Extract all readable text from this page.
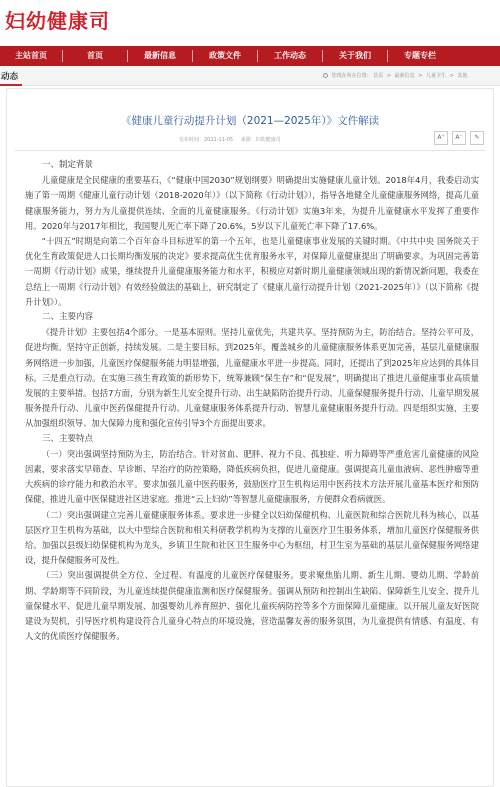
妇幼健康司
主站首页	首页	最新信息	政策文件	工作动态	关于我们	专题专栏
动态	您现在所在位置： 首页 > 最新信息 > 儿童卫生 > 其他
《健康儿童行动提升计划（2021—2025年）》文件解读
发布时间：2021-11-05 来源：妇幼健康司	A⁺	A⁻	✎
一、制定背景

儿童健康是全民健康的重要基石，《“健康中国2030”规划纲要》明确提出实施健康儿童计划。2018年4月，我委启动实施了第一周期《健康儿童行动计划（2018-2020年）》（以下简称《行动计划》），指导各地健全儿童健康服务网络，提高儿童健康服务能力，努力为儿童提供连续、全面的儿童健康服务。《行动计划》实施3年来，为提升儿童健康水平发挥了重要作用。2020年与2017年相比，我国婴儿死亡率下降了20.6%，5岁以下儿童死亡率下降了17.6%。

“十四五”时期是向第二个百年奋斗目标进军的第一个五年，也是儿童健康事业发展的关键时期。《中共中央 国务院关于优化生育政策促进人口长期均衡发展的决定》要求提高优生优育服务水平，对保障儿童健康提出了明确要求。为巩固完善第一周期《行动计划》成果，继续提升儿童健康服务能力和水平，积极应对新时期儿童健康领域出现的新情况新问题，我委在总结上一周期《行动计划》有效经验做法的基础上，研究制定了《健康儿童行动提升计划（2021-2025年）》（以下简称《提升计划》）。

二、主要内容

《提升计划》主要包括4个部分。一是基本原则。坚持儿童优先，共建共享。坚持预防为主，防治结合。坚持公平可及，促进均衡。坚持守正创新，持续发展。二是主要目标。到2025年，覆盖城乡的儿童健康服务体系更加完善，基层儿童健康服务网络进一步加强，儿童医疗保健服务能力明显增强，儿童健康水平进一步提高。同时，还提出了到2025年应达到的具体目标。三是重点行动。在实施三孩生育政策的新形势下，统筹兼顾“保生存”和“促发展”，明确提出了推进儿童健康事业高质量发展的主要举措。包括7方面，分别为新生儿安全提升行动、出生缺陷防治提升行动、儿童保健服务提升行动、儿童早期发展服务提升行动、儿童中医药保健提升行动、儿童健康服务体系提升行动、智慧儿童健康服务提升行动。四是组织实施，主要从加强组织领导、加大保障力度和强化宣传引导3个方面提出要求。

三、主要特点

（一）突出强调坚持预防为主，防治结合。针对贫血、肥胖、视力不良、孤独症、听力障碍等严重危害儿童健康的风险因素，要求落实早筛查、早诊断、早治疗的防控策略，降低疾病负担，促进儿童健康。强调提高儿童血液病、恶性肿瘤等重大疾病的诊疗能力和救治水平。要求加强儿童中医药服务，鼓励医疗卫生机构运用中医药技术方法开展儿童基本医疗和预防保健，推进儿童中医保健进社区进家庭。推进“云上妇幼”等智慧儿童健康服务，方便群众看病就医。

（二）突出强调建立完善儿童健康服务体系。要求进一步健全以妇幼保健机构、儿童医院和综合医院儿科为核心，以基层医疗卫生机构为基础，以大中型综合医院和相关科研教学机构为支撑的儿童医疗卫生服务体系，增加儿童医疗保健服务供给。加强以县级妇幼保健机构为龙头，乡镇卫生院和社区卫生服务中心为枢纽，村卫生室为基础的基层儿童保健服务网络建设，提升保健服务可及性。

（三）突出强调提供全方位、全过程、有温度的儿童医疗保健服务。要求聚焦胎儿期、新生儿期、婴幼儿期、学龄前期、学龄期等不同阶段，为儿童连续提供健康监测和医疗保健服务。强调从预防和控制出生缺陷、保障新生儿安全、提升儿童保健水平、促进儿童早期发展、加强婴幼儿养育照护、强化儿童疾病防控等多个方面保障儿童健康。以开展儿童友好医院建设为契机，引导医疗机构建设符合儿童身心特点的环境设施，营造温馨友善的服务氛围，为儿童提供有情感、有温度、有人文的优质医疗保健服务。
